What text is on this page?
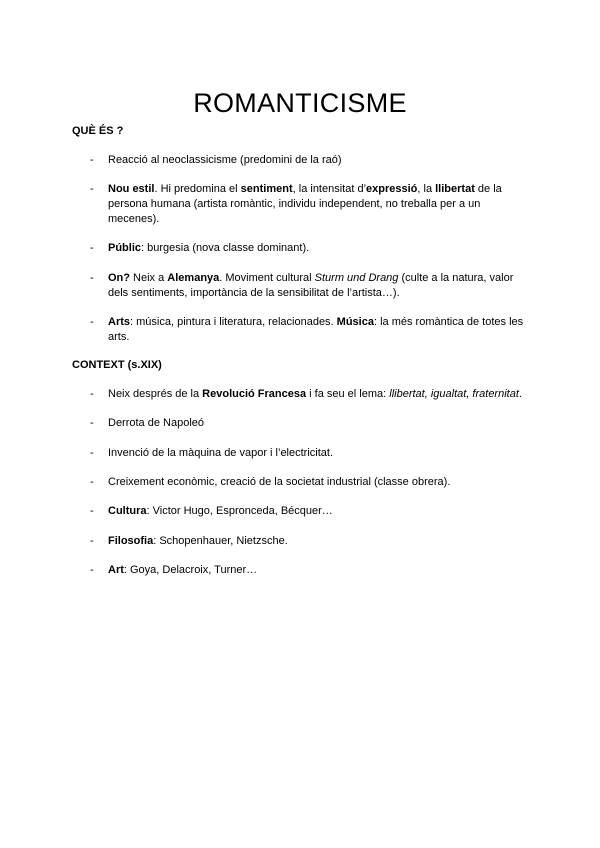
ROMANTICISME
QUÈ ÉS ?
- Reacció al neoclassicisme (predomini de la raó)

- Nou estil. Hi predomina el sentiment, la intensitat d’expressió, la llibertat de la persona humana (artista romàntic, individu independent, no treballa per a un mecenes).

- Públic: burgesia (nova classe dominant).

- On? Neix a Alemanya. Moviment cultural Sturm und Drang (culte a la natura, valor dels sentiments, importància de la sensibilitat de l’artista…).

- Arts: música, pintura i literatura, relacionades. Música: la més romàntica de totes les arts.

CONTEXT (s.XIX)
- Neix després de la Revolució Francesa i fa seu el lema: llibertat, igualtat, fraternitat.

- Derrota de Napoleó

- Invenció de la màquina de vapor i l’electricitat.

- Creixement econòmic, creació de la societat industrial (classe obrera).

- Cultura: Victor Hugo, Espronceda, Bécquer…

- Filosofia: Schopenhauer, Nietzsche.

- Art: Goya, Delacroix, Turner…
